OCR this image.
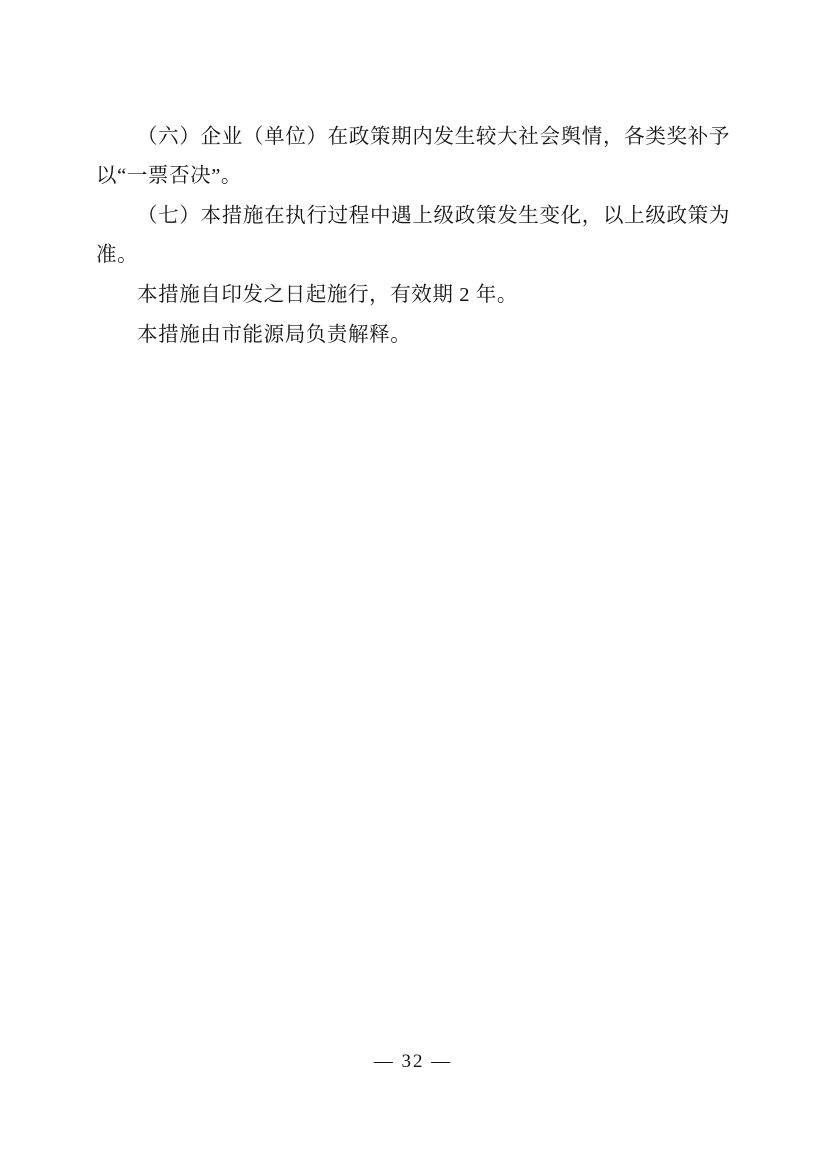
（六）企业（单位）在政策期内发生较大社会舆情，各类奖补予以“一票否决”。

（七）本措施在执行过程中遇上级政策发生变化，以上级政策为准。

本措施自印发之日起施行，有效期 2 年。

本措施由市能源局负责解释。

— 32 —
